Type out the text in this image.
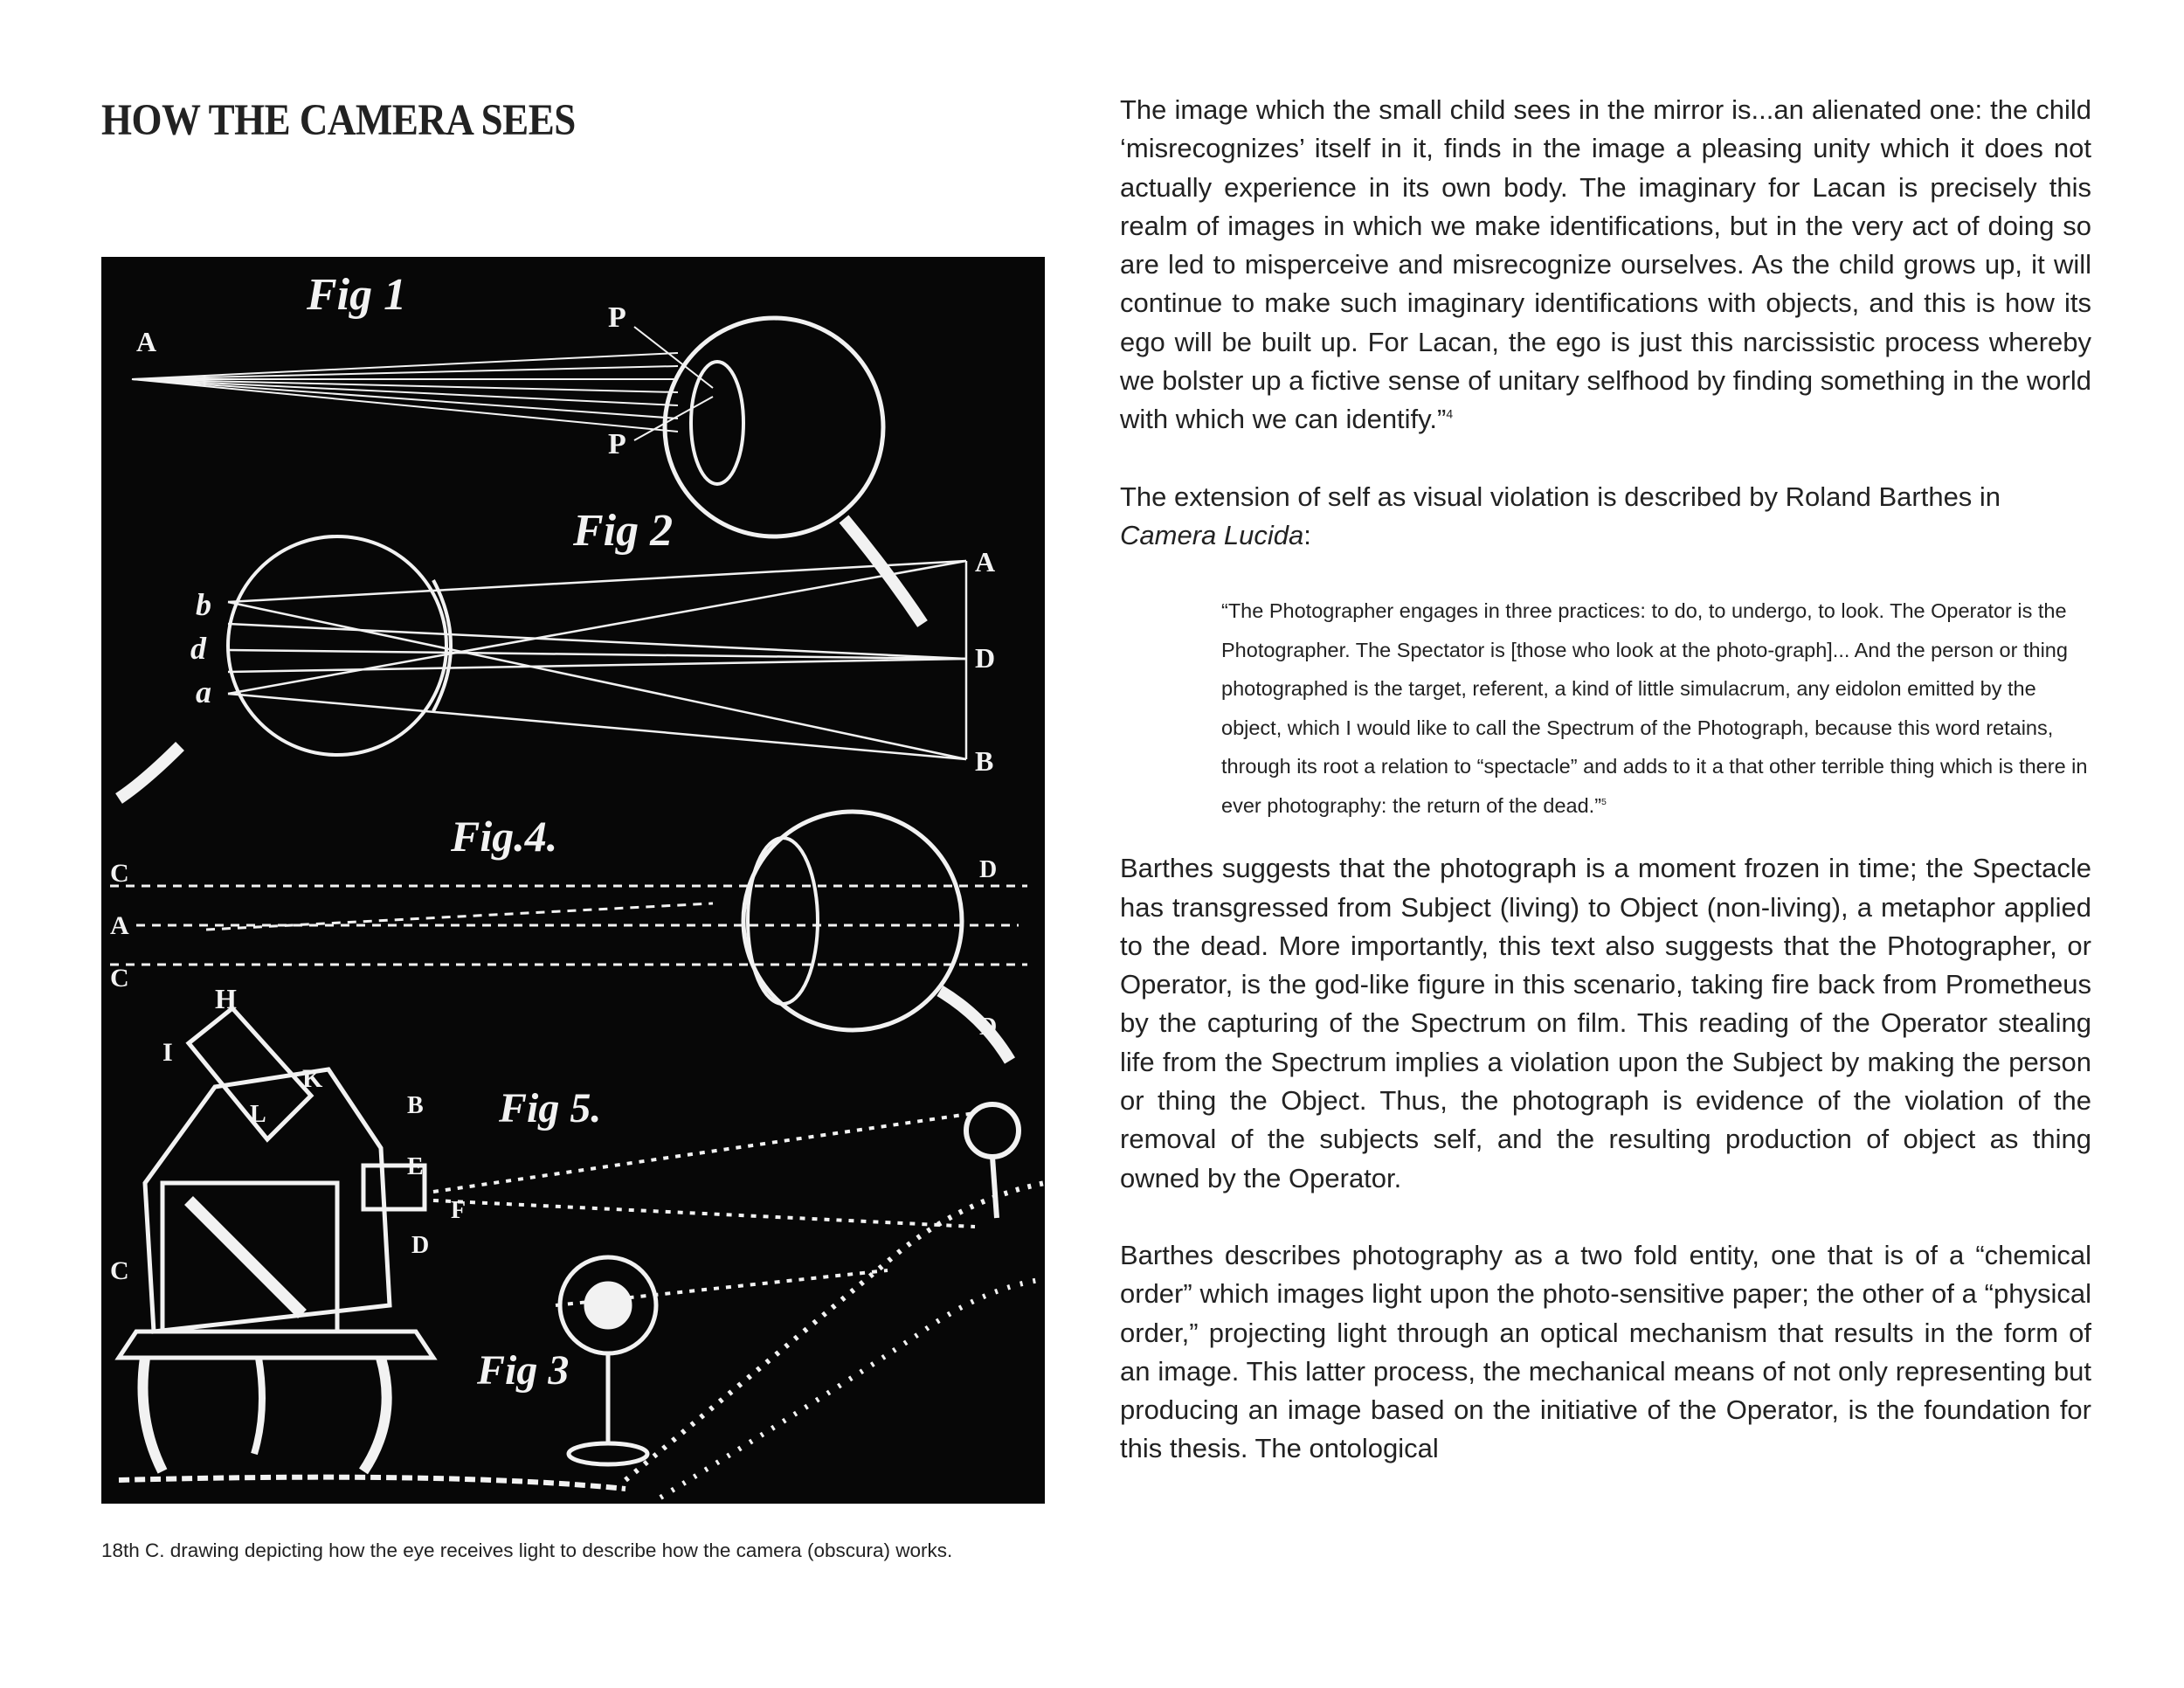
HOW THE CAMERA SEES
Fig 1	P
P
A
Fig 2
A
D
B
b
d
a
Fig.4.
C
A
C
D
D
H
I
K
L	B
E
F
D
C
Fig 5.
Fig 3

18th C. drawing depicting how the eye receives light to describe how the camera (obscura) works.

The image which the small child sees in the mirror is...an alienated one: the child ‘misrecognizes’ itself in it, finds in the image a pleasing unity which it does not actually experience in its own body. The imaginary for Lacan is precisely this realm of images in which we make identifications, but in the very act of doing so are led to misperceive and misrecognize ourselves. As the child grows up, it will continue to make such imaginary identifications with objects, and this is how its ego will be built up. For Lacan, the ego is just this narcissistic process whereby we bolster up a fictive sense of unitary selfhood by finding something in the world with which we can identify.”$^4$

The extension of self as visual violation is described by Roland Barthes in Camera Lucida:

“The Photographer engages in three practices: to do, to undergo, to look. The Operator is the Photographer. The Spectator is [those who look at the photo-graph]... And the person or thing photographed is the target, referent, a kind of little simulacrum, any eidolon emitted by the object, which I would like to call the Spectrum of the Photograph, because this word retains, through its root a relation to “spectacle” and adds to it a that other terrible thing which is there in ever photography: the return of the dead.”$^5$

Barthes suggests that the photograph is a moment frozen in time; the Spectacle has transgressed from Subject (living) to Object (non-living), a metaphor applied to the dead. More importantly, this text also suggests that the Photographer, or Operator, is the god-like figure in this scenario, taking fire back from Prometheus by the capturing of the Spectrum on film. This reading of the Operator stealing life from the Spectrum implies a violation upon the Subject by making the person or thing the Object. Thus, the photograph is evidence of the violation of the removal of the subjects self, and the resulting production of object as thing owned by the Operator.

Barthes describes photography as a two fold entity, one that is of a “chemical order” which images light upon the photo-sensitive paper; the other of a “physical order,” projecting light through an optical mechanism that results in the form of an image. This latter process, the mechanical means of not only representing but producing an image based on the initiative of the Operator, is the foundation for this thesis. The ontological
